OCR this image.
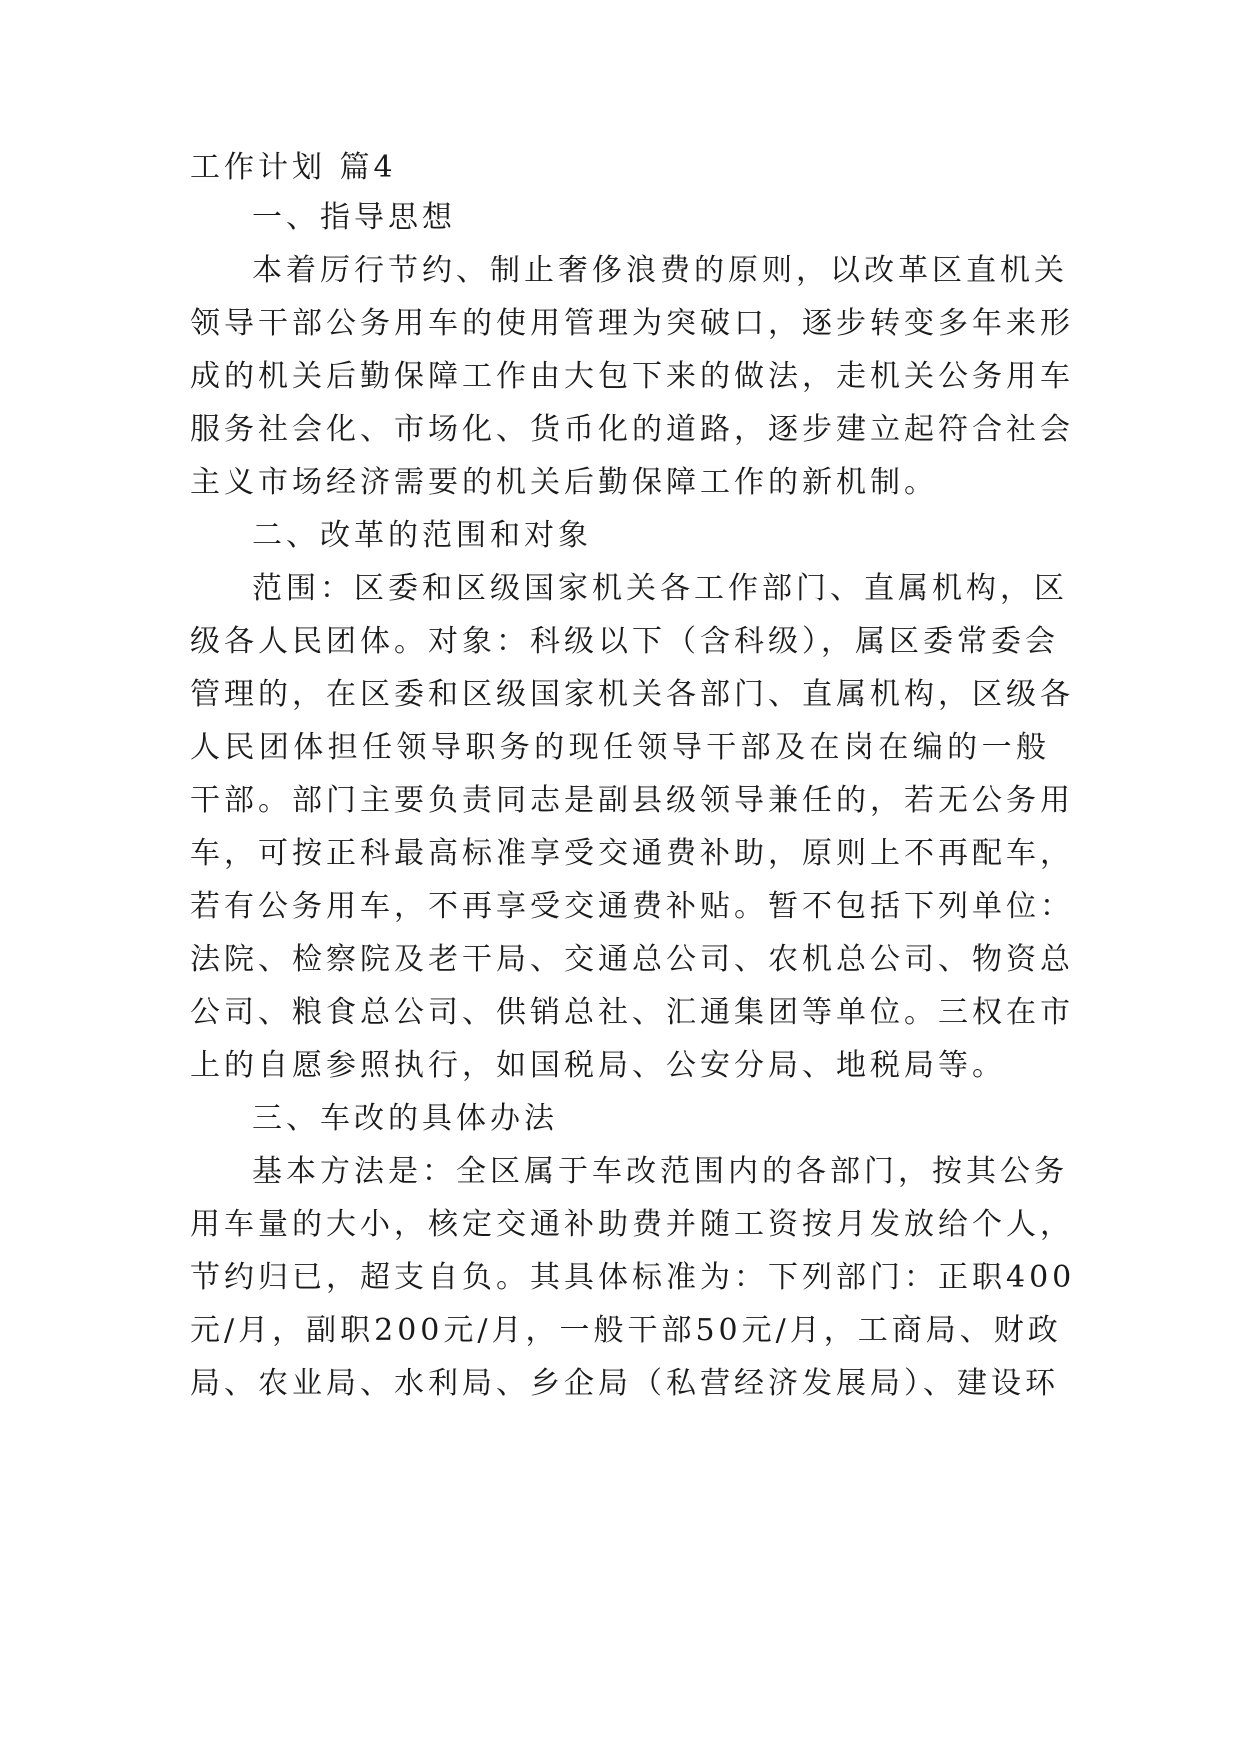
工作计划 篇4
一、指导思想
本着厉行节约、制止奢侈浪费的原则，以改革区直机关
领导干部公务用车的使用管理为突破口，逐步转变多年来形
成的机关后勤保障工作由大包下来的做法，走机关公务用车
服务社会化、市场化、货币化的道路，逐步建立起符合社会
主义市场经济需要的机关后勤保障工作的新机制。
二、改革的范围和对象
范围：区委和区级国家机关各工作部门、直属机构，区
级各人民团体。对象：科级以下（含科级），属区委常委会
管理的，在区委和区级国家机关各部门、直属机构，区级各
人民团体担任领导职务的现任领导干部及在岗在编的一般
干部。部门主要负责同志是副县级领导兼任的，若无公务用
车，可按正科最高标准享受交通费补助，原则上不再配车，
若有公务用车，不再享受交通费补贴。暂不包括下列单位：
法院、检察院及老干局、交通总公司、农机总公司、物资总
公司、粮食总公司、供销总社、汇通集团等单位。三权在市
上的自愿参照执行，如国税局、公安分局、地税局等。
三、车改的具体办法
基本方法是：全区属于车改范围内的各部门，按其公务
用车量的大小，核定交通补助费并随工资按月发放给个人，
节约归已，超支自负。其具体标准为：下列部门：正职400
元/月，副职200元/月，一般干部50元/月，工商局、财政
局、农业局、水利局、乡企局（私营经济发展局）、建设环
